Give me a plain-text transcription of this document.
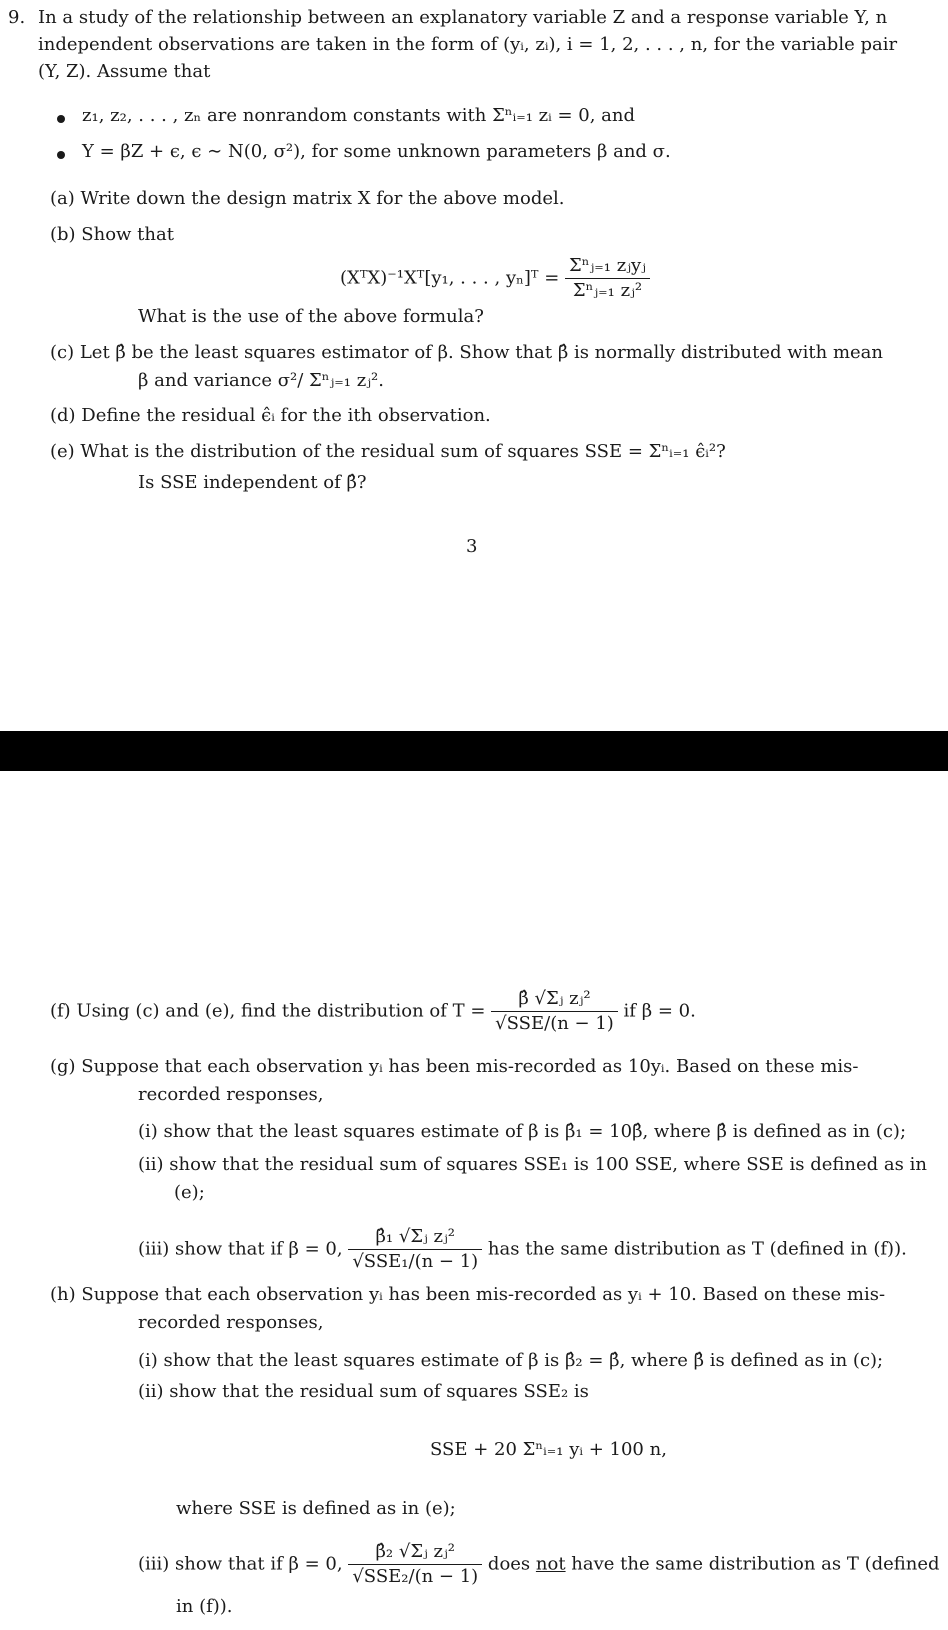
9. In a study of the relationship between an explanatory variable Z and a response variable Y, n
independent observations are taken in the form of (yᵢ, zᵢ), i = 1, 2, . . . , n, for the variable pair
(Y, Z). Assume that
z₁, z₂, . . . , zₙ are nonrandom constants with Σⁿᵢ₌₁ zᵢ = 0, and
Y = βZ + ϵ, ϵ ∼ N(0, σ²), for some unknown parameters β and σ.
(a) Write down the design matrix X for the above model.
(b) Show that
(XᵀX)⁻¹Xᵀ[y₁, . . . , yₙ]ᵀ = $\frac{\text{Σⁿⱼ₌₁ zⱼyⱼ}}{\text{Σⁿⱼ₌₁ zⱼ²}}$
What is the use of the above formula?
(c) Let β̂ be the least squares estimator of β. Show that β̂ is normally distributed with mean
β and variance σ²/ Σⁿⱼ₌₁ zⱼ².
(d) Define the residual ϵ̂ᵢ for the ith observation.
(e) What is the distribution of the residual sum of squares SSE = Σⁿᵢ₌₁ ϵ̂ᵢ²?
Is SSE independent of β̂?
3
(f) Using (c) and (e), find the distribution of $T = \frac{\text{β̂ √Σⱼ zⱼ²}}{\text{√SSE/(n − 1)}}$ if β = 0.
(g) Suppose that each observation yᵢ has been mis-recorded as 10yᵢ. Based on these mis-
recorded responses,
(i) show that the least squares estimate of β is β̂₁ = 10β̂, where β̂ is defined as in (c);
(ii) show that the residual sum of squares SSE₁ is 100 SSE, where SSE is defined as in
(e);
(iii) show that if β = 0, $\frac{\text{β̂₁ √Σⱼ zⱼ²}}{\text{√SSE₁/(n − 1)}}$ has the same distribution as T (defined in (f)).
(h) Suppose that each observation yᵢ has been mis-recorded as yᵢ + 10. Based on these mis-
recorded responses,
(i) show that the least squares estimate of β is β̂₂ = β̂, where β̂ is defined as in (c);
(ii) show that the residual sum of squares SSE₂ is
SSE + 20 Σⁿᵢ₌₁ yᵢ + 100 n,
where SSE is defined as in (e);
(iii) show that if β = 0, $\frac{\text{β̂₂ √Σⱼ zⱼ²}}{\text{√SSE₂/(n − 1)}}$ does not have the same distribution as T (defined
in (f)).
